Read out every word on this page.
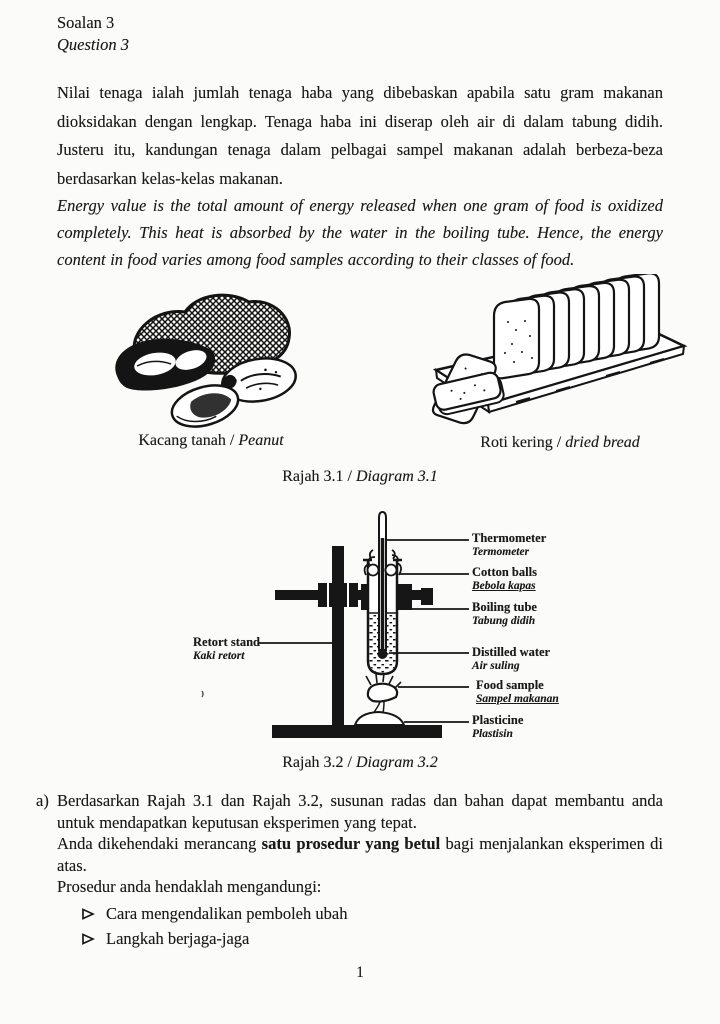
Soalan 3
Question 3

Nilai tenaga ialah jumlah tenaga haba yang dibebaskan apabila satu gram makanan dioksidakan dengan lengkap. Tenaga haba ini diserap oleh air di dalam tabung didih. Justeru itu, kandungan tenaga dalam pelbagai sampel makanan adalah berbeza-beza berdasarkan kelas-kelas makanan.

Energy value is the total amount of energy released when one gram of food is oxidized completely. This heat is absorbed by the water in the boiling tube. Hence, the energy content in food varies among food samples according to their classes of food.

Kacang tanah / Peanut	Roti kering / dried bread
Rajah 3.1 / Diagram 3.1
Thermometer
Termometer
Cotton balls
Bebola kapas
Boiling tube
Tabung didih
Distilled water
Air suling
Food sample
Sampel makanan
Plasticine
Plastisin
Retort stand
Kaki retort
Rajah 3.2 / Diagram 3.2
a) Berdasarkan Rajah 3.1 dan Rajah 3.2, susunan radas dan bahan dapat membantu anda untuk mendapatkan keputusan eksperimen yang tepat.

Anda dikehendaki merancang satu prosedur yang betul bagi menjalankan eksperimen di atas.

Prosedur anda hendaklah mengandungi:

Cara mengendalikan pemboleh ubah
Langkah berjaga-jaga
1
